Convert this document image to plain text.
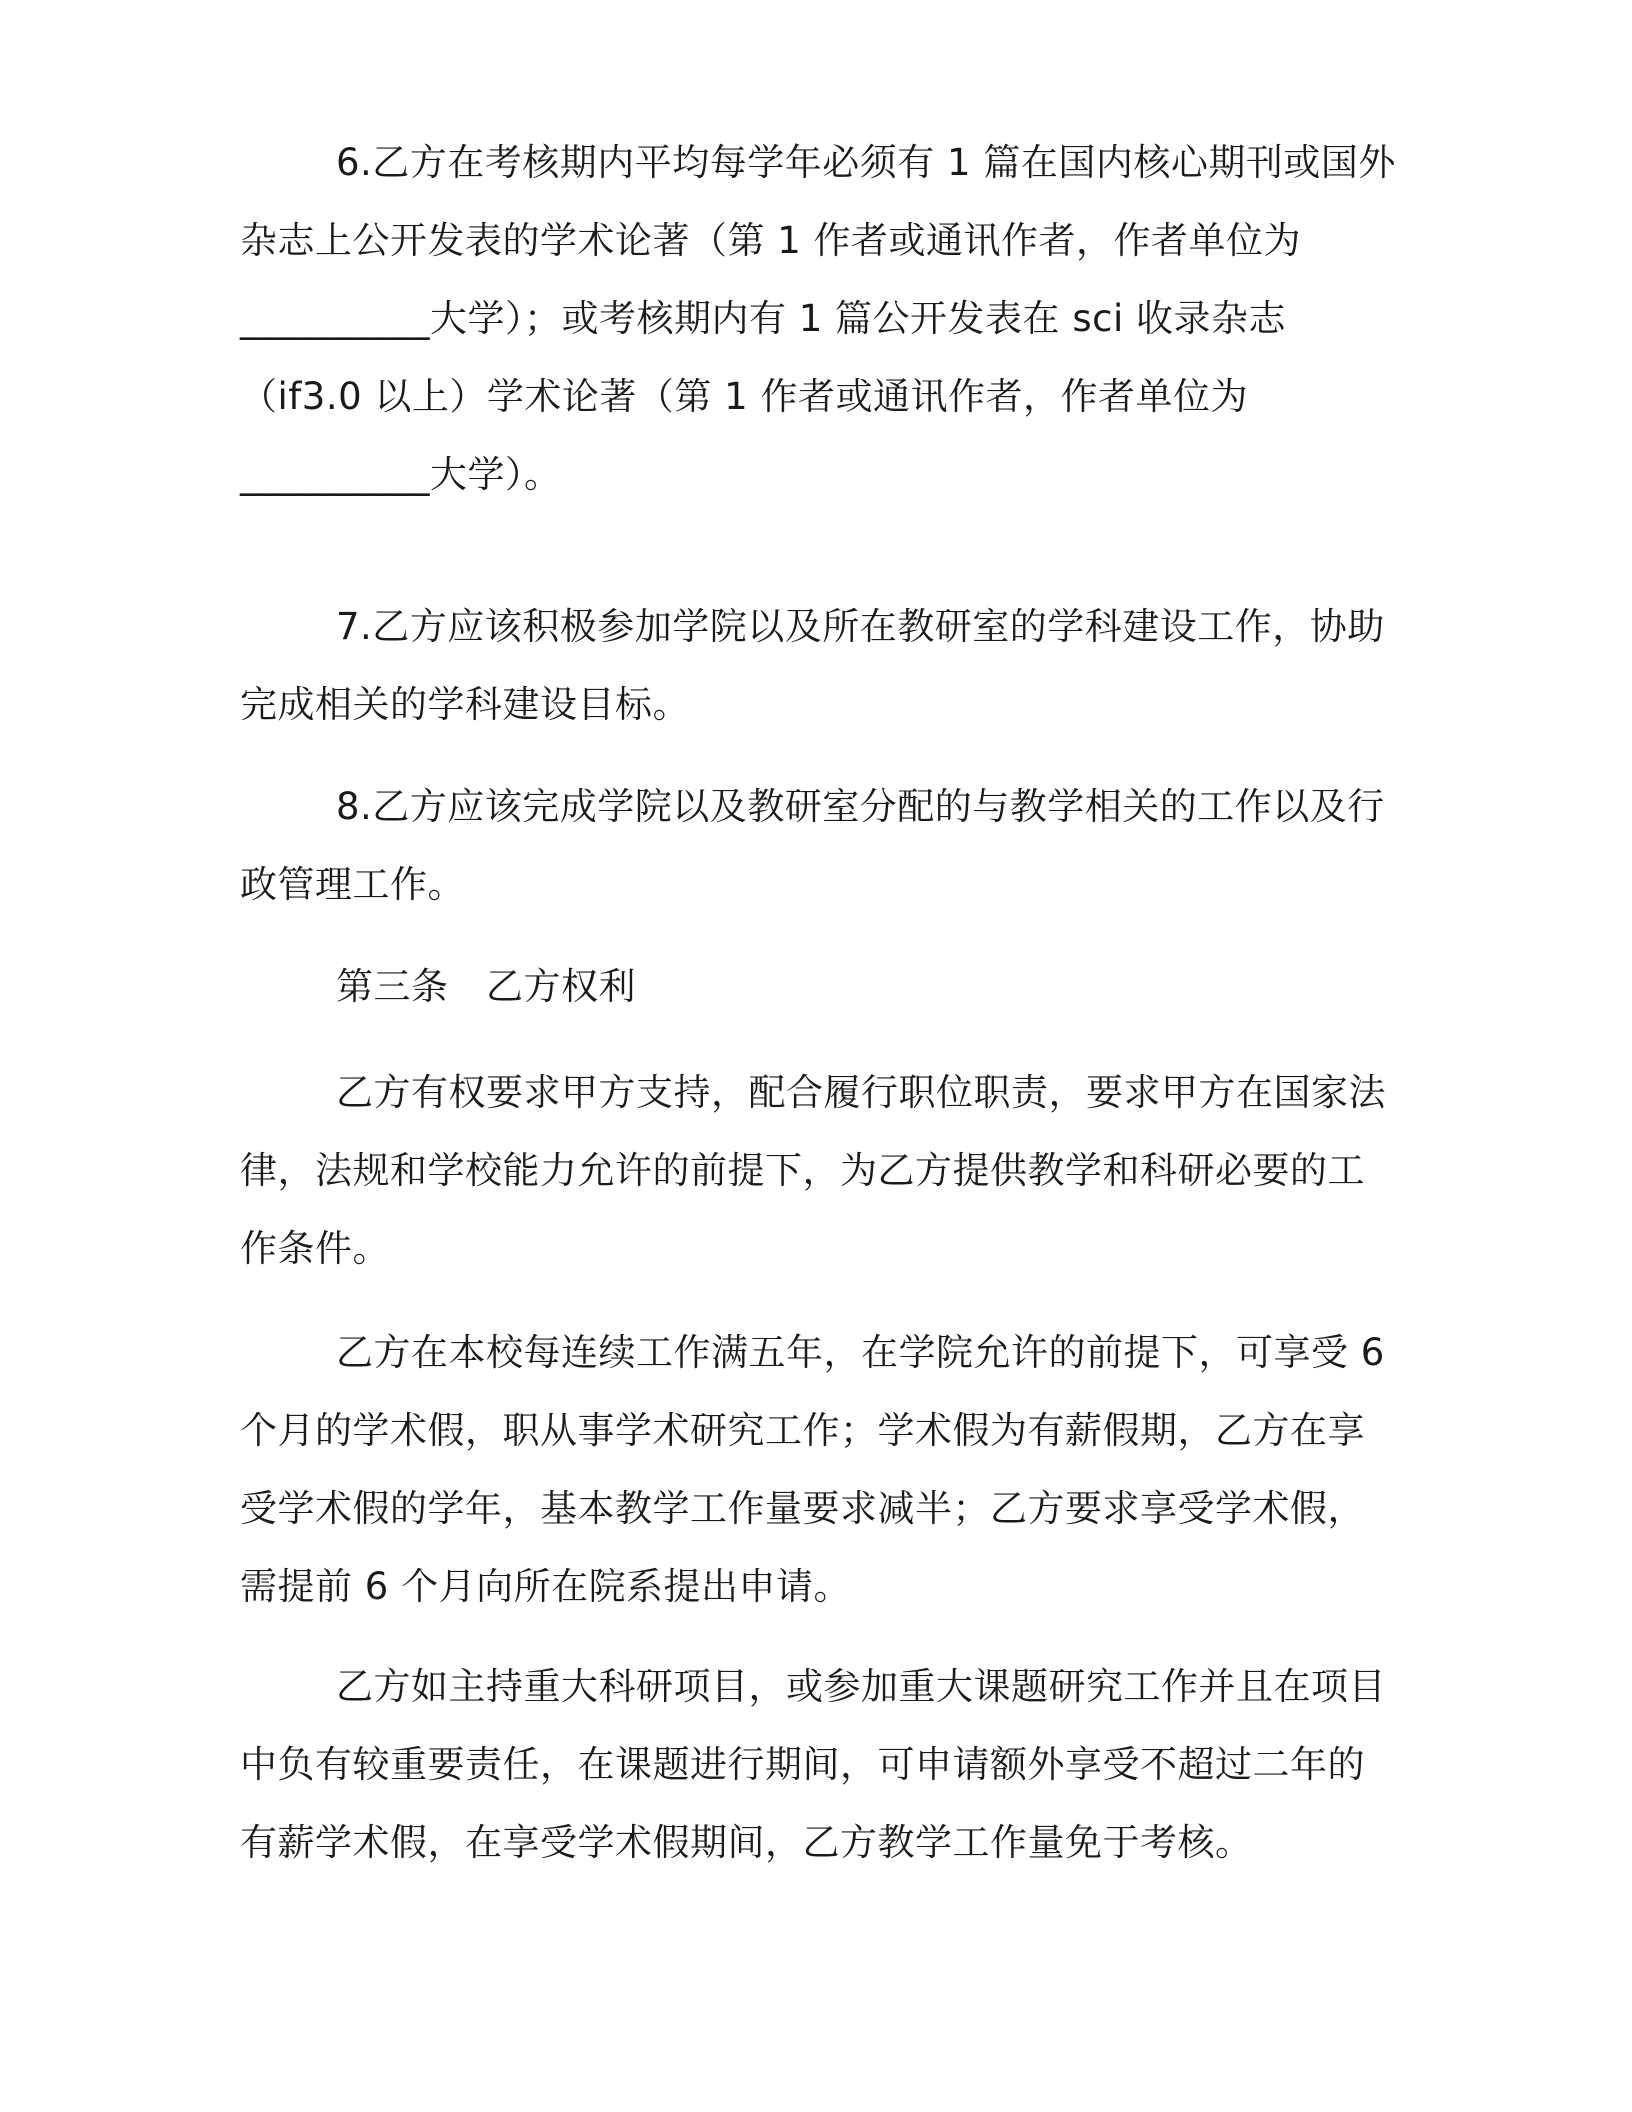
6.乙方在考核期内平均每学年必须有 1 篇在国内核心期刊或国外
杂志上公开发表的学术论著（第 1 作者或通讯作者，作者单位为
__________大学）；或考核期内有 1 篇公开发表在 sci 收录杂志
（if3.0 以上）学术论著（第 1 作者或通讯作者，作者单位为
__________大学）。
7.乙方应该积极参加学院以及所在教研室的学科建设工作，协助
完成相关的学科建设目标。
8.乙方应该完成学院以及教研室分配的与教学相关的工作以及行
政管理工作。
第三条　乙方权利
乙方有权要求甲方支持，配合履行职位职责，要求甲方在国家法
律，法规和学校能力允许的前提下，为乙方提供教学和科研必要的工
作条件。
乙方在本校每连续工作满五年，在学院允许的前提下，可享受 6
个月的学术假，职从事学术研究工作；学术假为有薪假期，乙方在享
受学术假的学年，基本教学工作量要求减半；乙方要求享受学术假，
需提前 6 个月向所在院系提出申请。
乙方如主持重大科研项目，或参加重大课题研究工作并且在项目
中负有较重要责任，在课题进行期间，可申请额外享受不超过二年的
有薪学术假，在享受学术假期间，乙方教学工作量免于考核。
